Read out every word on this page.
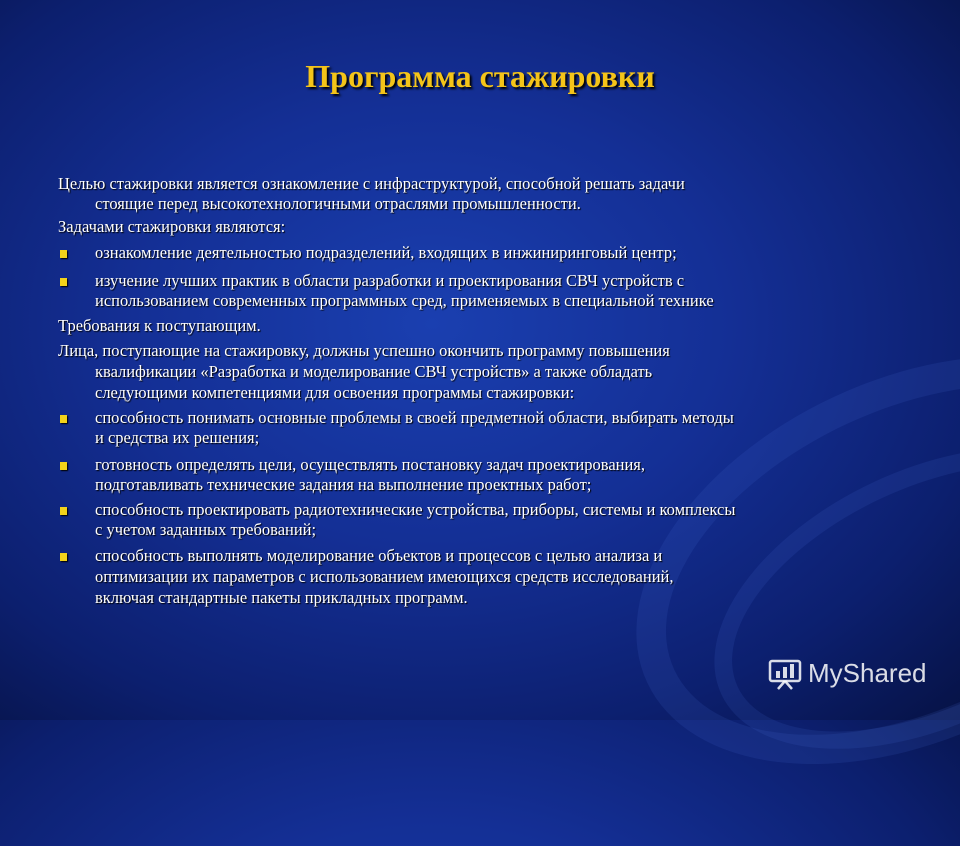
Программа стажировки
Целью стажировки является ознакомление с инфраструктурой, способной решать задачи
стоящие перед высокотехнологичными отраслями промышленности.
Задачами стажировки являются:
ознакомление деятельностью подразделений, входящих в инжиниринговый центр;
изучение лучших практик в области разработки и проектирования СВЧ устройств с
использованием современных программных сред, применяемых в специальной технике
Требования к поступающим.
Лица, поступающие на стажировку, должны успешно окончить программу повышения
квалификации «Разработка и моделирование СВЧ устройств» а также обладать
следующими компетенциями для освоения программы стажировки:
способность понимать основные проблемы в своей предметной области, выбирать методы
и средства их решения;
готовность определять цели, осуществлять постановку задач проектирования,
подготавливать технические задания на выполнение проектных работ;
способность проектировать радиотехнические устройства, приборы, системы и комплексы
с учетом заданных требований;
способность выполнять моделирование объектов и процессов с целью анализа и
оптимизации их параметров с использованием имеющихся средств исследований,
включая стандартные пакеты прикладных программ.
MyShared
